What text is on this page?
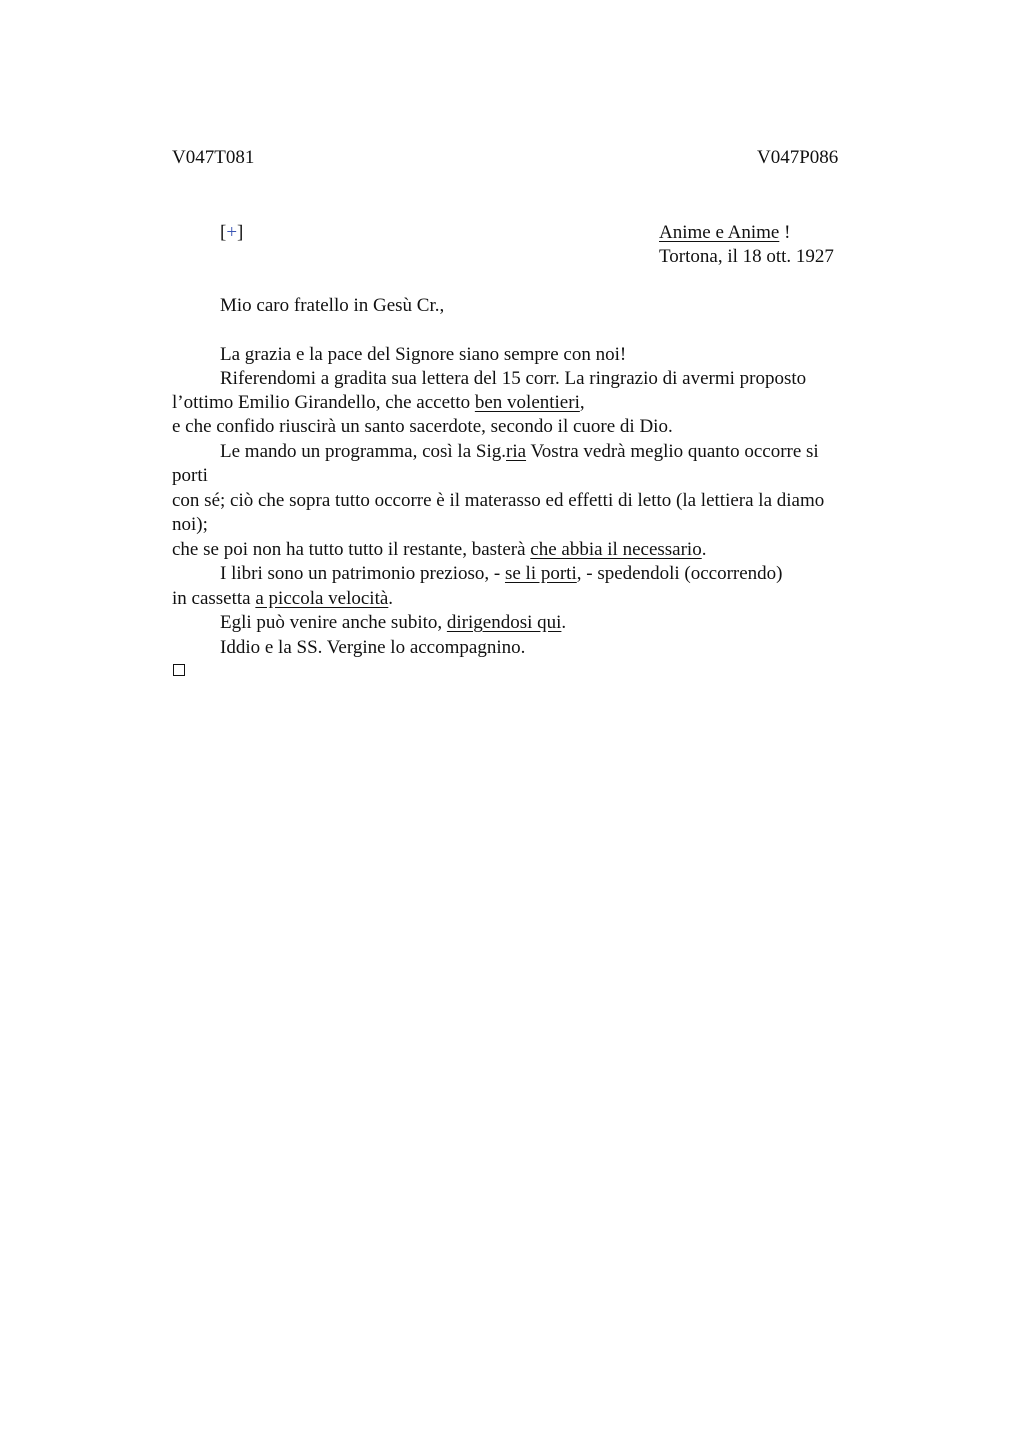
V047T081	V047P086
[+]	Anime e Anime !
Tortona, il 18 ott. 1927
Mio caro fratello in Gesù Cr.,
La grazia e la pace del Signore siano sempre con noi!
Riferendomi a gradita sua lettera del 15 corr. La ringrazio di avermi proposto
l’ottimo Emilio Girandello, che accetto ben volentieri,
e che confido riuscirà un santo sacerdote, secondo il cuore di Dio.
Le mando un programma, così la Sig.ria Vostra vedrà meglio quanto occorre si
porti
con sé; ciò che sopra tutto occorre è il materasso ed effetti di letto (la lettiera la diamo
noi);
che se poi non ha tutto tutto il restante, basterà che abbia il necessario.
I libri sono un patrimonio prezioso, - se li porti, - spedendoli (occorrendo)
in cassetta a piccola velocità.
Egli può venire anche subito, dirigendosi qui.
Iddio e la SS. Vergine lo accompagnino.
